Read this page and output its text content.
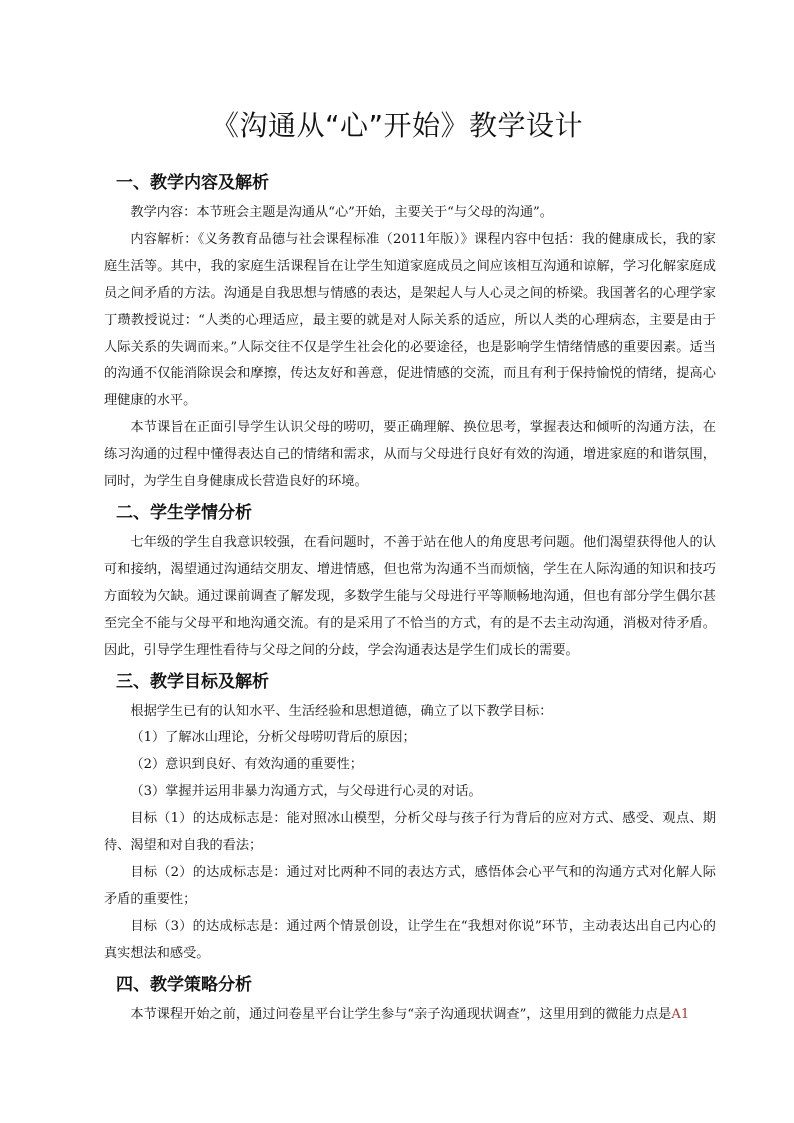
《沟通从“心”开始》教学设计
一、教学内容及解析

教学内容：本节班会主题是沟通从“心”开始，主要关于“与父母的沟通”。

内容解析：《义务教育品德与社会课程标准（2011年版）》课程内容中包括：我的健康成长，我的家庭生活等。其中，我的家庭生活课程旨在让学生知道家庭成员之间应该相互沟通和谅解，学习化解家庭成员之间矛盾的方法。沟通是自我思想与情感的表达，是架起人与人心灵之间的桥梁。我国著名的心理学家丁瓒教授说过：“人类的心理适应，最主要的就是对人际关系的适应，所以人类的心理病态，主要是由于人际关系的失调而来。”人际交往不仅是学生社会化的必要途径，也是影响学生情绪情感的重要因素。适当的沟通不仅能消除误会和摩擦，传达友好和善意，促进情感的交流，而且有利于保持愉悦的情绪，提高心理健康的水平。

本节课旨在正面引导学生认识父母的唠叨，要正确理解、换位思考，掌握表达和倾听的沟通方法，在练习沟通的过程中懂得表达自己的情绪和需求，从而与父母进行良好有效的沟通，增进家庭的和谐氛围，同时，为学生自身健康成长营造良好的环境。

二、学生学情分析

七年级的学生自我意识较强，在看问题时，不善于站在他人的角度思考问题。他们渴望获得他人的认可和接纳，渴望通过沟通结交朋友、增进情感，但也常为沟通不当而烦恼，学生在人际沟通的知识和技巧方面较为欠缺。通过课前调查了解发现，多数学生能与父母进行平等顺畅地沟通，但也有部分学生偶尔甚至完全不能与父母平和地沟通交流。有的是采用了不恰当的方式，有的是不去主动沟通，消极对待矛盾。因此，引导学生理性看待与父母之间的分歧，学会沟通表达是学生们成长的需要。

三、教学目标及解析

根据学生已有的认知水平、生活经验和思想道德，确立了以下教学目标：

（1）了解冰山理论，分析父母唠叨背后的原因；

（2）意识到良好、有效沟通的重要性；

（3）掌握并运用非暴力沟通方式，与父母进行心灵的对话。

目标（1）的达成标志是：能对照冰山模型，分析父母与孩子行为背后的应对方式、感受、观点、期待、渴望和对自我的看法；

目标（2）的达成标志是：通过对比两种不同的表达方式，感悟体会心平气和的沟通方式对化解人际矛盾的重要性；

目标（3）的达成标志是：通过两个情景创设，让学生在“我想对你说”环节，主动表达出自己内心的真实想法和感受。

四、教学策略分析

本节课程开始之前，通过问卷星平台让学生参与“亲子沟通现状调查”，这里用到的微能力点是A1
